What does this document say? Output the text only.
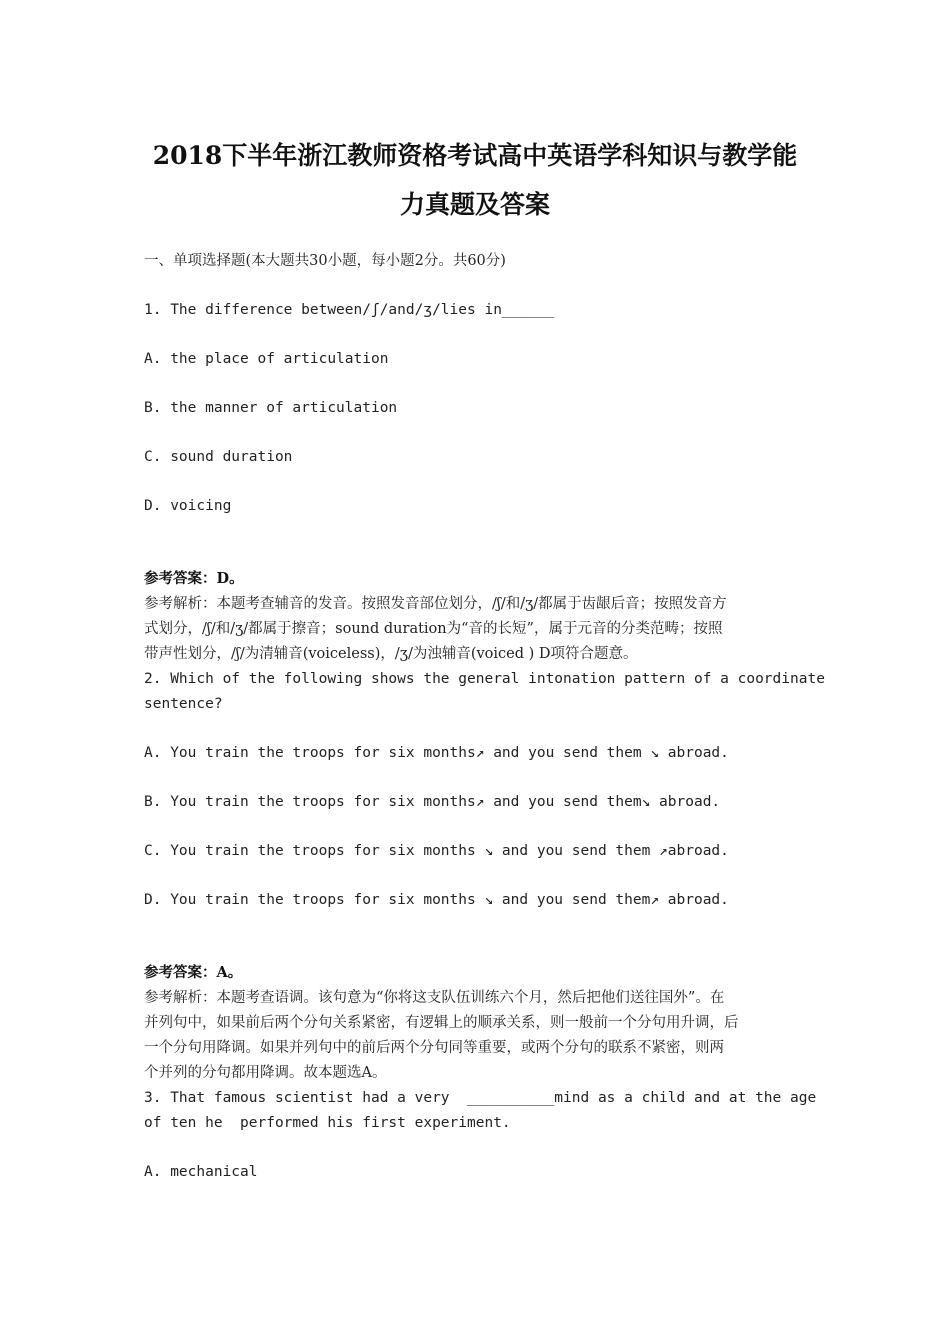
2018下半年浙江教师资格考试高中英语学科知识与教学能
力真题及答案
一、单项选择题(本大题共30小题，每小题2分。共60分)
1. The difference between/ʃ/and/ʒ/lies in______
A. the place of articulation
B. the manner of articulation
C. sound duration
D. voicing
参考答案：D。
参考解析：本题考查辅音的发音。按照发音部位划分，/ʃ/和/ʒ/都属于齿龈后音；按照发音方
式划分，/ʃ/和/ʒ/都属于擦音；sound duration为“音的长短”，属于元音的分类范畴；按照
带声性划分，/ʃ/为清辅音(voiceless)，/ʒ/为浊辅音(voiced ) D项符合题意。
2. Which of the following shows the general intonation pattern of a coordinate
sentence?
A. You train the troops for six months↗ and you send them ↘ abroad.
B. You train the troops for six months↗ and you send them↘ abroad.
C. You train the troops for six months ↘ and you send them ↗abroad.
D. You train the troops for six months ↘ and you send them↗ abroad.
参考答案：A。
参考解析：本题考查语调。该句意为“你将这支队伍训练六个月，然后把他们送往国外”。在
并列句中，如果前后两个分句关系紧密，有逻辑上的顺承关系，则一般前一个分句用升调，后
一个分句用降调。如果并列句中的前后两个分句同等重要，或两个分句的联系不紧密，则两
个并列的分句都用降调。故本题选A。
3. That famous scientist had a very  __________mind as a child and at the age
of ten he  performed his first experiment.
A. mechanical
